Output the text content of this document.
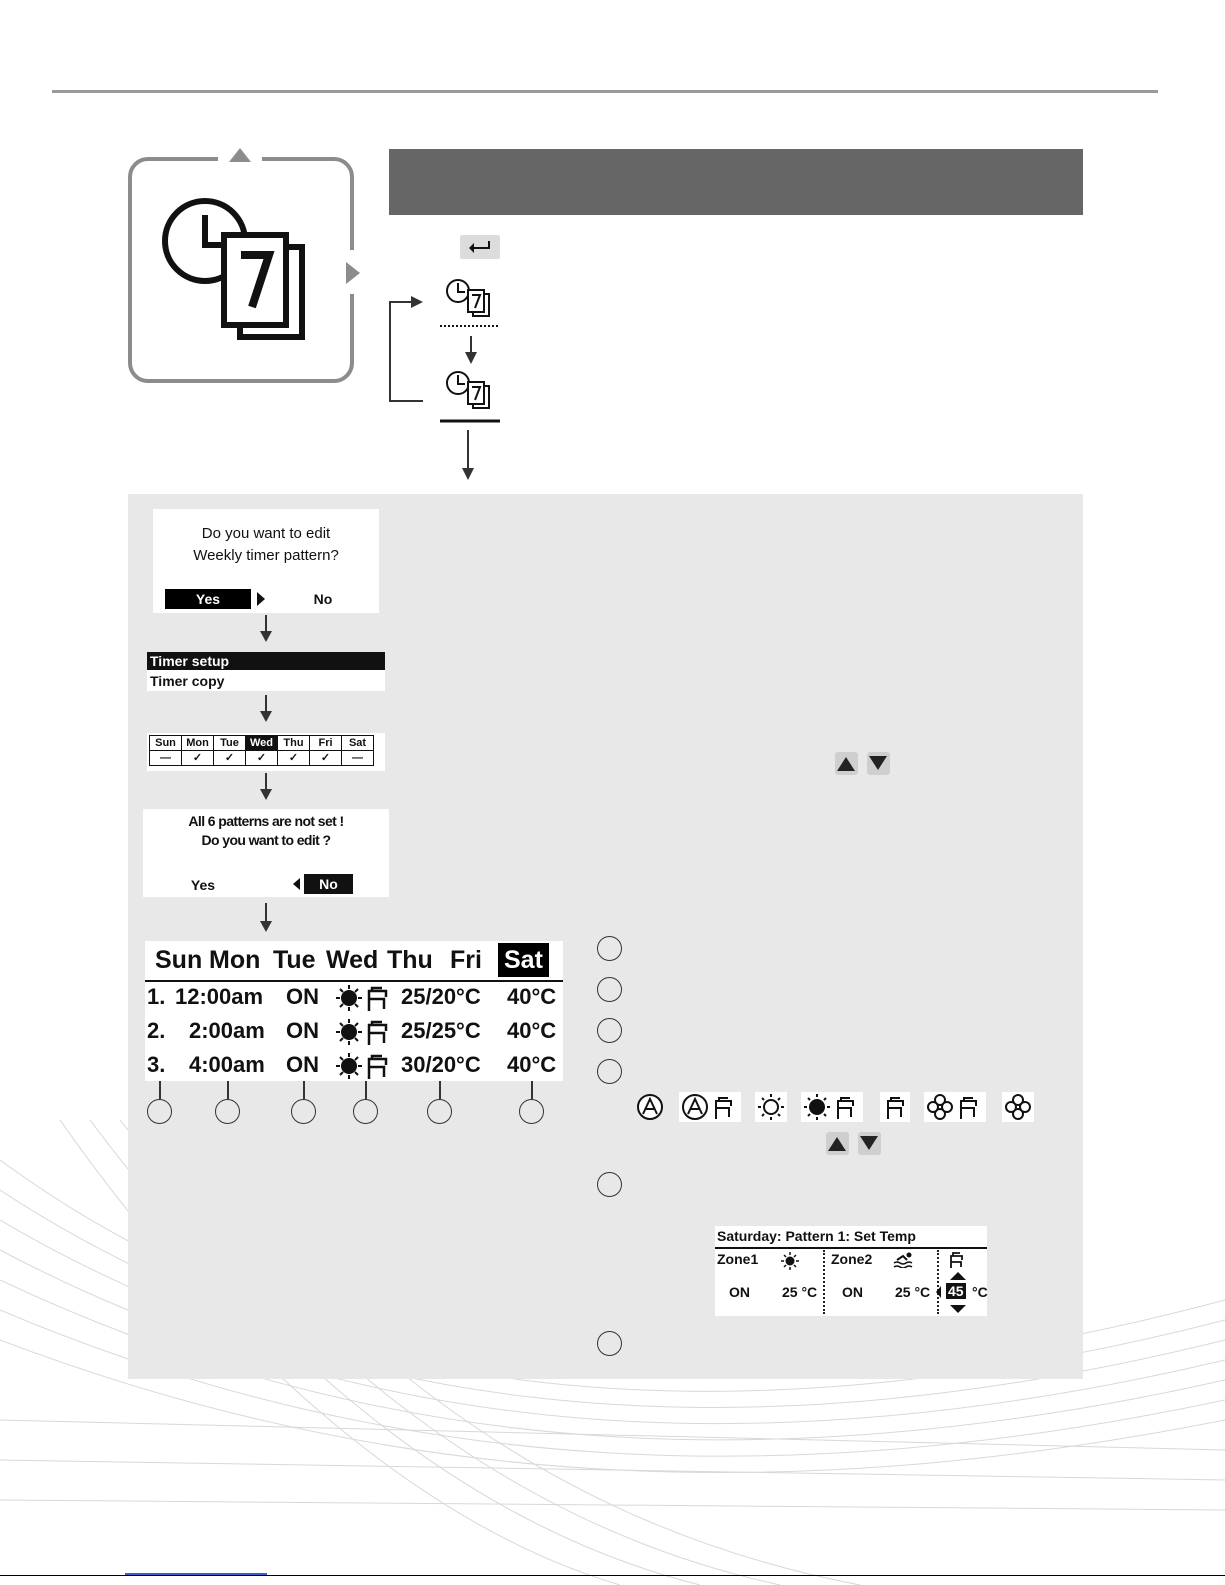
Do you want to edit
Weekly timer pattern?
Yes	No
Timer setup
Timer copy
Sun	Mon	Tue	Wed	Thu	Fri	Sat
—	✓	✓	✓	✓	✓	—
All 6 patterns are not set !
Do you want to edit ?
Yes	No
Sun Mon Tue Wed Thu Fri Sat
1. 12:00am ON	25/20°C 40°C
2. 2:00am ON	25/25°C 40°C
3. 4:00am ON	30/20°C 40°C
Saturday: Pattern 1: Set Temp
Zone1	Zone2
ON 25 °C ON 25 °C 45 °C
